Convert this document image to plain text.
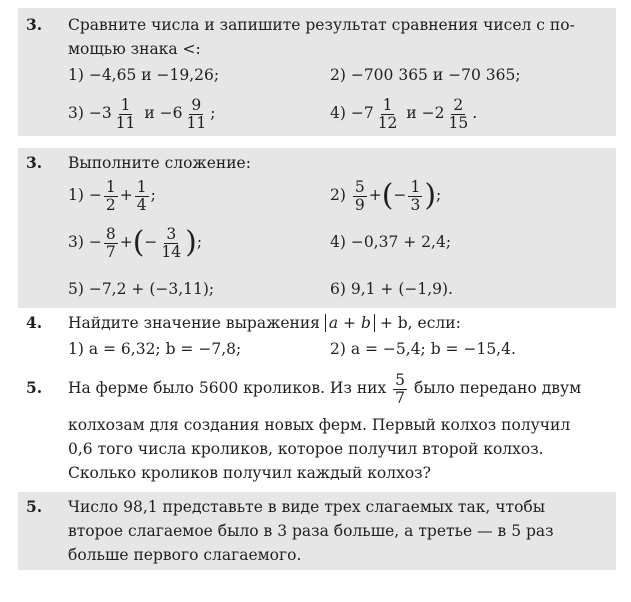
3. Сравните числа и запишите результат сравнения чисел с по-
мощью знака <:
1) −4,65 и −19,26;	2) −700 365 и −70 365;
$3) -3 \frac{1}{11}$ $и -6 \frac{9}{11}$ ;	$4) -7 \frac{1}{12}$ $и -2 \frac{2}{15}$ .
3. Выполните сложение:
$1) - \frac{1}{2} + \frac{1}{4}$ ;	$2) \frac{5}{9}$ +(− $\frac{1}{3}$ );
$3) - \frac{8}{7}$ +(− $\frac{3}{14}$ );	4) −0,37 + 2,4;
5) −7,2 + (−3,11);	6) 9,1 + (−1,9).
4. Найдите значение выражения a + b + b, если:
1) a = 6,32; b = −7,8;	2) a = −5,4; b = −15,4.
5. На ферме было 5600 кроликов. Из них $\frac{5}{7}$ было передано двум
колхозам для создания новых ферм. Первый колхоз получил
0,6 того числа кроликов, которое получил второй колхоз.
Сколько кроликов получил каждый колхоз?
5. Число 98,1 представьте в виде трех слагаемых так, чтобы
второе слагаемое было в 3 раза больше, а третье — в 5 раз
больше первого слагаемого.
